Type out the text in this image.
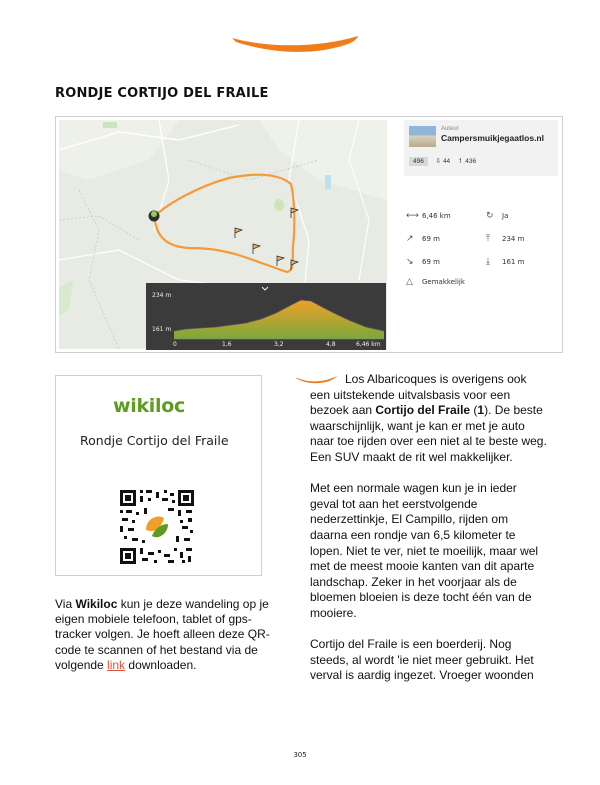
RONDJE CORTIJO DEL FRAILE
234 m
161 m
0	1,6	3,2	4,8	6,46 km
Auteur
Campersmuikjegaatlos.nl
496 ⇩ 44 ↿ 436
⟷ 6,46 km	↻ Ja
↗ 69 m	⤒ 234 m
↘ 69 m	⤓ 161 m
△ Gemakkelijk
wikiloc
Rondje Cortijo del Fraile
Via Wikiloc kun je deze wandeling op je eigen mobiele telefoon, tablet of gps-tracker volgen. Je hoeft alleen deze QR-code te scannen of het bestand via de volgende link downloaden.

Los Albaricoques is overigens ook een uitstekende uitvalsbasis voor een bezoek aan Cortijo del Fraile (1). De beste waarschijnlijk, want je kan er met je auto naar toe rijden over een niet al te beste weg. Een SUV maakt de rit wel makkelijker.

Met een normale wagen kun je in ieder geval tot aan het eerstvolgende nederzettinkje, El Campillo, rijden om daarna een rondje van 6,5 kilometer te lopen. Niet te ver, niet te moeilijk, maar wel met de meest mooie kanten van dit aparte landschap. Zeker in het voorjaar als de bloemen bloeien is deze tocht één van de mooiere.

Cortijo del Fraile is een boerderij. Nog steeds, al wordt 'ie niet meer gebruikt. Het verval is aardig ingezet. Vroeger woonden

305
